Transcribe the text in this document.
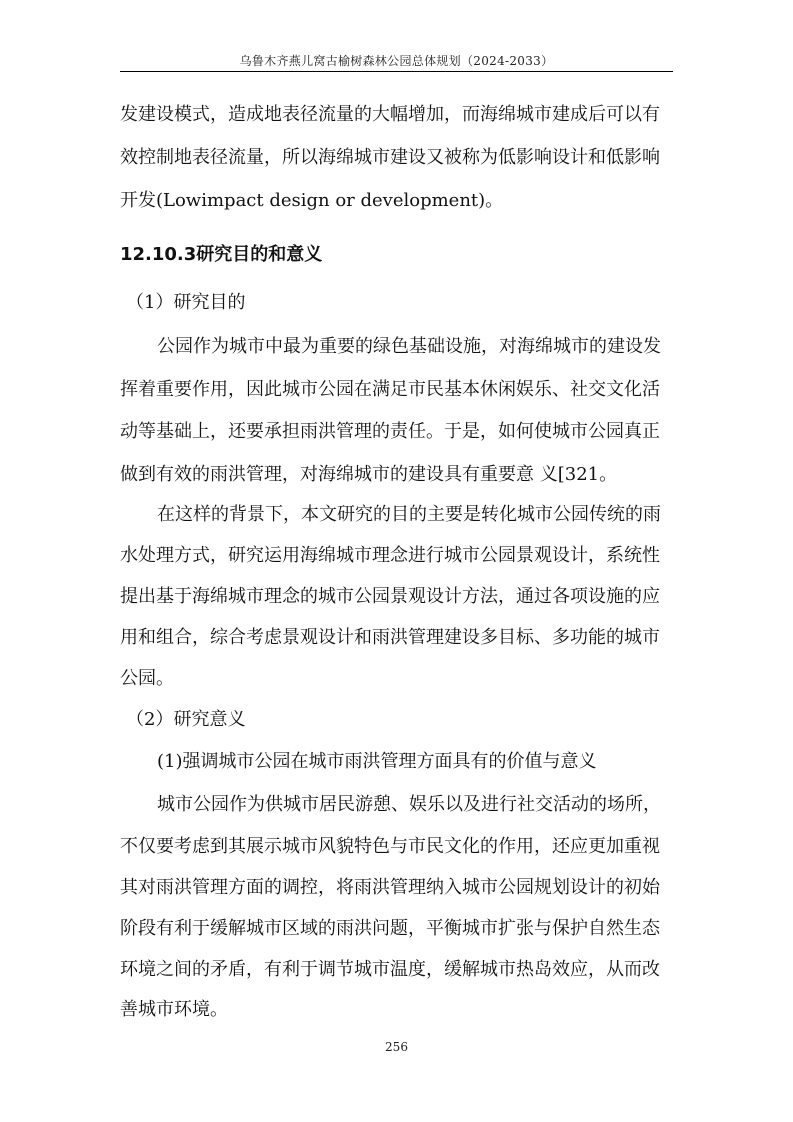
乌鲁木齐燕儿窝古榆树森林公园总体规划（2024-2033）
发建设模式，造成地表径流量的大幅增加，而海绵城市建成后可以有
效控制地表径流量，所以海绵城市建设又被称为低影响设计和低影响
开发(Lowimpact design or development)。
12.10.3研究目的和意义
（1）研究目的
公园作为城市中最为重要的绿色基础设施，对海绵城市的建设发
挥着重要作用，因此城市公园在满足市民基本休闲娱乐、社交文化活
动等基础上，还要承担雨洪管理的责任。于是，如何使城市公园真正
做到有效的雨洪管理，对海绵城市的建设具有重要意 义[321。
在这样的背景下，本文研究的目的主要是转化城市公园传统的雨
水处理方式，研究运用海绵城市理念进行城市公园景观设计，系统性
提出基于海绵城市理念的城市公园景观设计方法，通过各项设施的应
用和组合，综合考虑景观设计和雨洪管理建设多目标、多功能的城市
公园。
（2）研究意义
(1)强调城市公园在城市雨洪管理方面具有的价值与意义
城市公园作为供城市居民游憩、娱乐以及进行社交活动的场所，
不仅要考虑到其展示城市风貌特色与市民文化的作用，还应更加重视
其对雨洪管理方面的调控，将雨洪管理纳入城市公园规划设计的初始
阶段有利于缓解城市区域的雨洪问题，平衡城市扩张与保护自然生态
环境之间的矛盾，有利于调节城市温度，缓解城市热岛效应，从而改
善城市环境。
256
